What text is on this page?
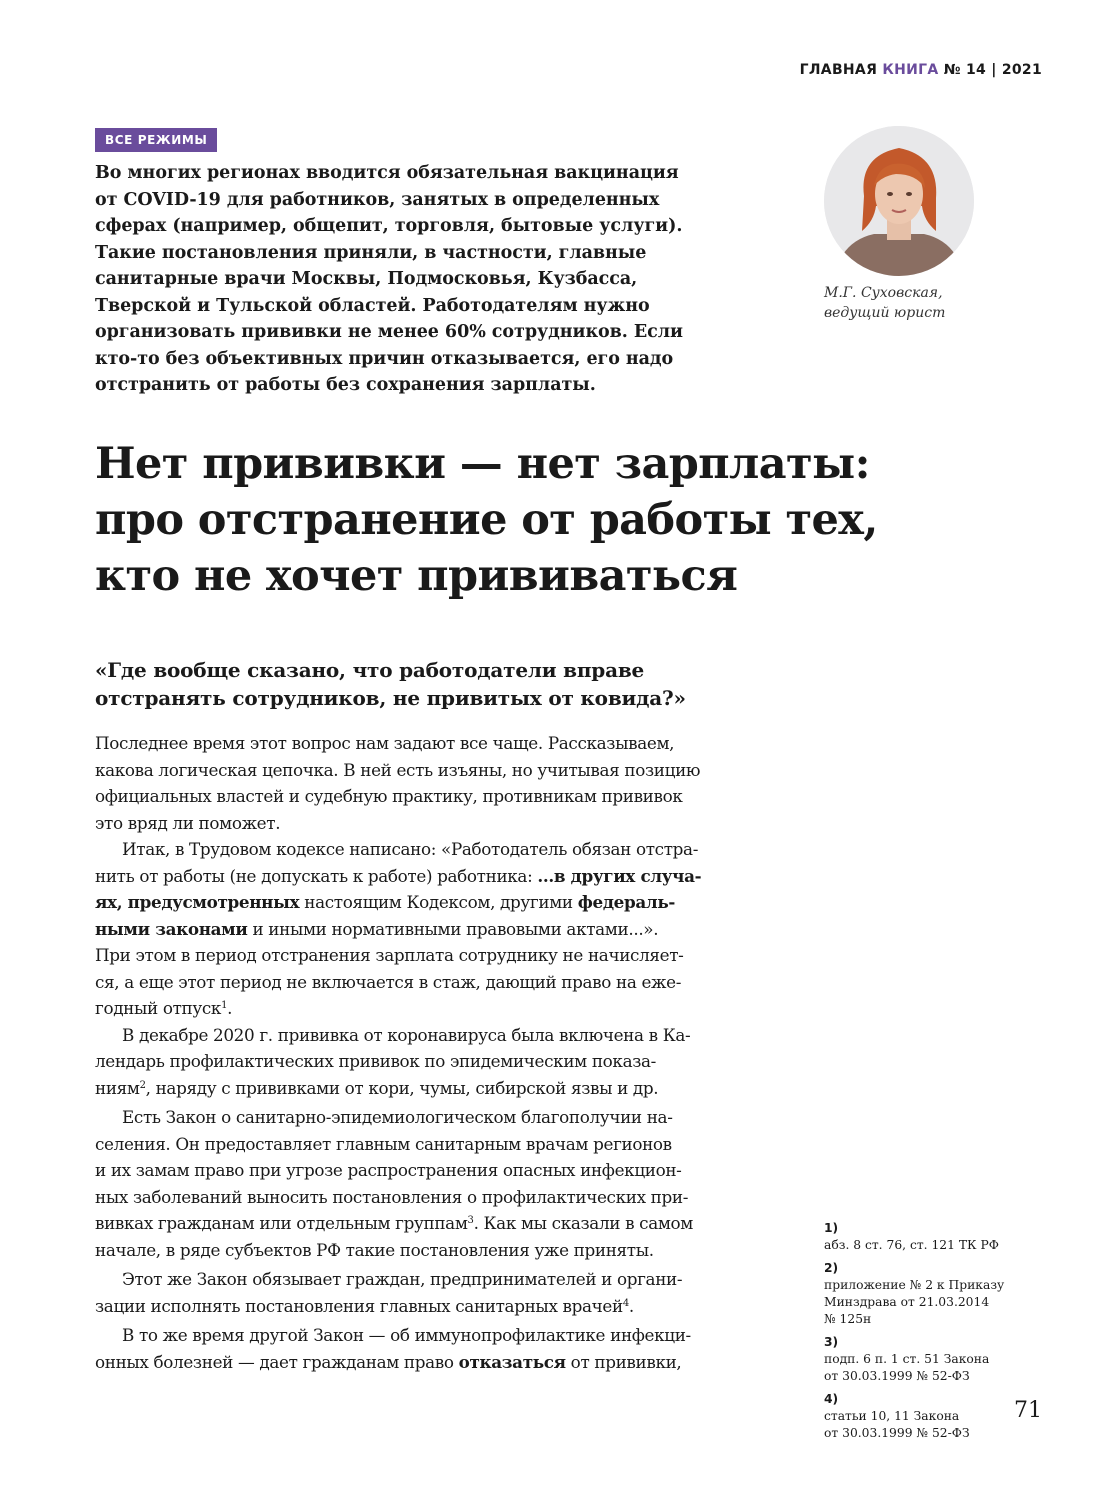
ГЛАВНАЯ КНИГА № 14 | 2021
ВСЕ РЕЖИМЫ

Во многих регионах вводится обязательная вакцинация
от COVID-19 для работников, занятых в определенных
сферах (например, общепит, торговля, бытовые услуги).
Такие постановления приняли, в частности, главные
санитарные врачи Москвы, Подмосковья, Кузбасса,
Тверской и Тульской областей. Работодателям нужно
организовать прививки не менее 60% сотрудников. Если
кто-то без объективных причин отказывается, его надо
отстранить от работы без сохранения зарплаты.

М.Г. Суховская,
ведущий юрист
Нет прививки — нет зарплаты:
про отстранение от работы тех,
кто не хочет прививаться
«Где вообще сказано, что работодатели вправе
отстранять сотрудников, не привитых от ковида?»
Последнее время этот вопрос нам задают все чаще. Рассказываем,
какова логическая цепочка. В ней есть изъяны, но учитывая позицию
официальных властей и судебную практику, противникам прививок
это вряд ли поможет.
Итак, в Трудовом кодексе написано: «Работодатель обязан отстра-
нить от работы (не допускать к работе) работника: ...в других случа-
ях, предусмотренных настоящим Кодексом, другими федераль-
ными законами и иными нормативными правовыми актами...».
При этом в период отстранения зарплата сотруднику не начисляет-
ся, а еще этот период не включается в стаж, дающий право на еже-
годный отпуск$^1$.
В декабре 2020 г. прививка от коронавируса была включена в Ка-
лендарь профилактических прививок по эпидемическим показа-
ниям$^2$, наряду с прививками от кори, чумы, сибирской язвы и др.
Есть Закон о санитарно-эпидемиологическом благополучии на-
селения. Он предоставляет главным санитарным врачам регионов
и их замам право при угрозе распространения опасных инфекцион-
ных заболеваний выносить постановления о профилактических при-
вивках гражданам или отдельным группам$^3$. Как мы сказали в самом
начале, в ряде субъектов РФ такие постановления уже приняты.
Этот же Закон обязывает граждан, предпринимателей и органи-
зации исполнять постановления главных санитарных врачей$^4$.
В то же время другой Закон — об иммунопрофилактике инфекци-
онных болезней — дает гражданам право отказаться от прививки,
1)
абз. 8 ст. 76, ст. 121 ТК РФ
2)
приложение № 2 к Приказу
Минздрава от 21.03.2014
№ 125н
3)
подп. 6 п. 1 ст. 51 Закона
от 30.03.1999 № 52-ФЗ
4)
статьи 10, 11 Закона
от 30.03.1999 № 52-ФЗ
71
